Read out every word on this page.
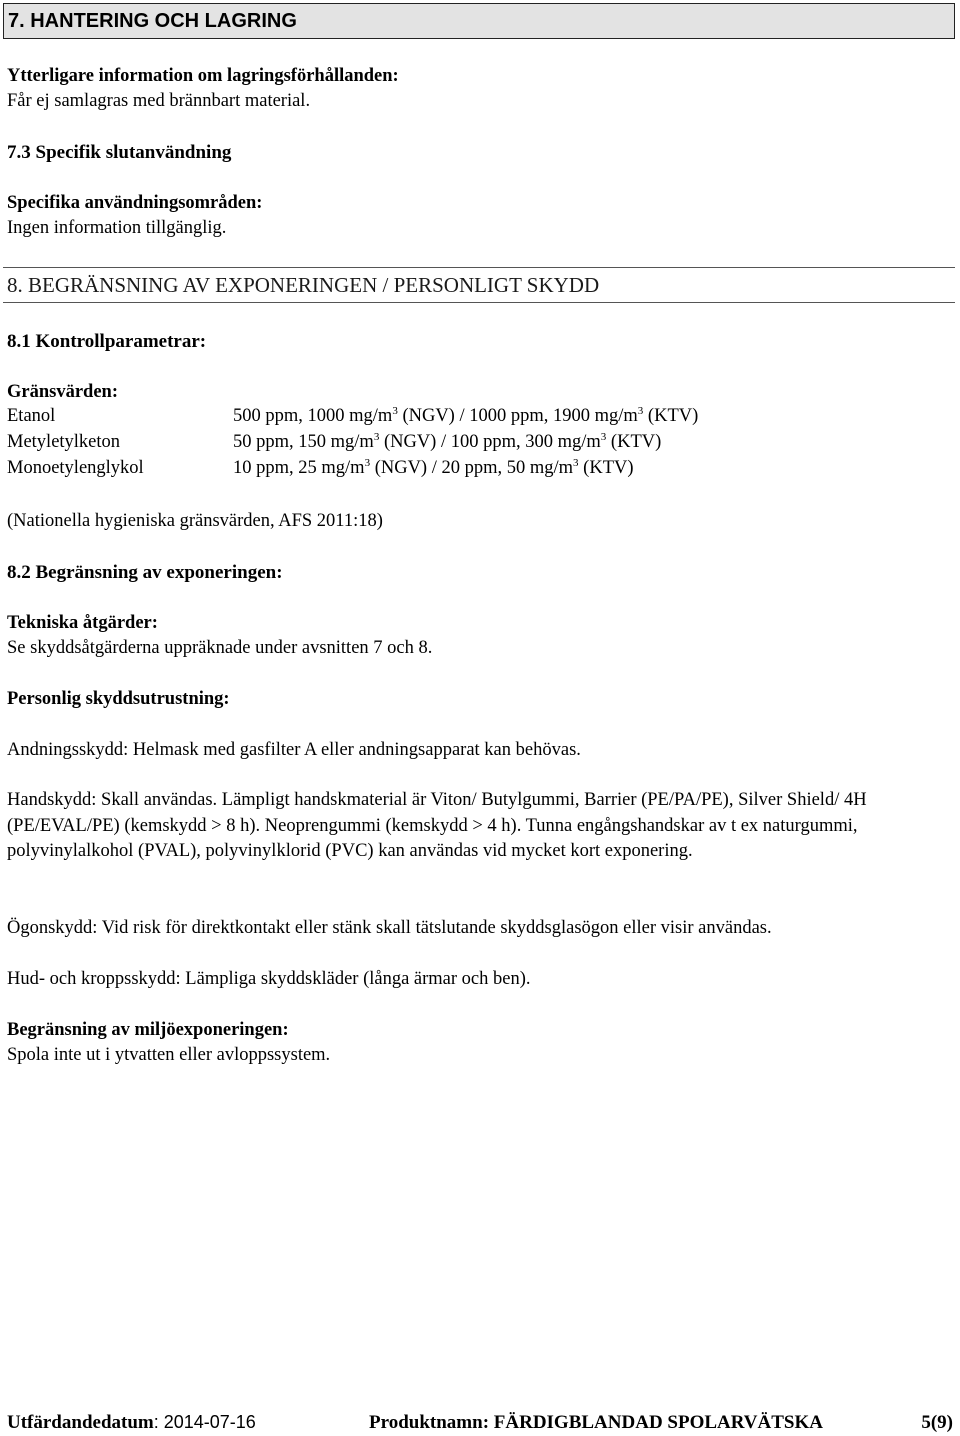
7. HANTERING OCH LAGRING
Ytterligare information om lagringsförhållanden:
Får ej samlagras med brännbart material.
7.3 Specifik slutanvändning
Specifika användningsområden:
Ingen information tillgänglig.
8. BEGRÄNSNING AV EXPONERINGEN / PERSONLIGT SKYDD
8.1 Kontrollparametrar:
Gränsvärden:
Etanol	500 ppm, 1000 $mg/m^3$ (NGV) / 1000 ppm, 1900 $mg/m^3$ (KTV)
Metyletylketon	50 ppm, 150 $mg/m^3$ (NGV) / 100 ppm, 300 $mg/m^3$ (KTV)
Monoetylenglykol	10 ppm, 25 $mg/m^3$ (NGV) / 20 ppm, 50 $mg/m^3$ (KTV)
(Nationella hygieniska gränsvärden, AFS 2011:18)
8.2 Begränsning av exponeringen:
Tekniska åtgärder:
Se skyddsåtgärderna uppräknade under avsnitten 7 och 8.
Personlig skyddsutrustning:
Andningsskydd: Helmask med gasfilter A eller andningsapparat kan behövas.
Handskydd: Skall användas. Lämpligt handskmaterial är Viton/ Butylgummi, Barrier (PE/PA/PE), Silver Shield/ 4H (PE/EVAL/PE) (kemskydd > 8 h). Neoprengummi (kemskydd > 4 h). Tunna engångshandskar av t ex naturgummi, polyvinylalkohol (PVAL), polyvinylklorid (PVC) kan användas vid mycket kort exponering.
Ögonskydd: Vid risk för direktkontakt eller stänk skall tätslutande skyddsglasögon eller visir användas.
Hud- och kroppsskydd: Lämpliga skyddskläder (långa ärmar och ben).
Begränsning av miljöexponeringen:
Spola inte ut i ytvatten eller avloppssystem.
Utfärdandedatum: 2014-07-16	Produktnamn: FÄRDIGBLANDAD SPOLARVÄTSKA	5(9)
